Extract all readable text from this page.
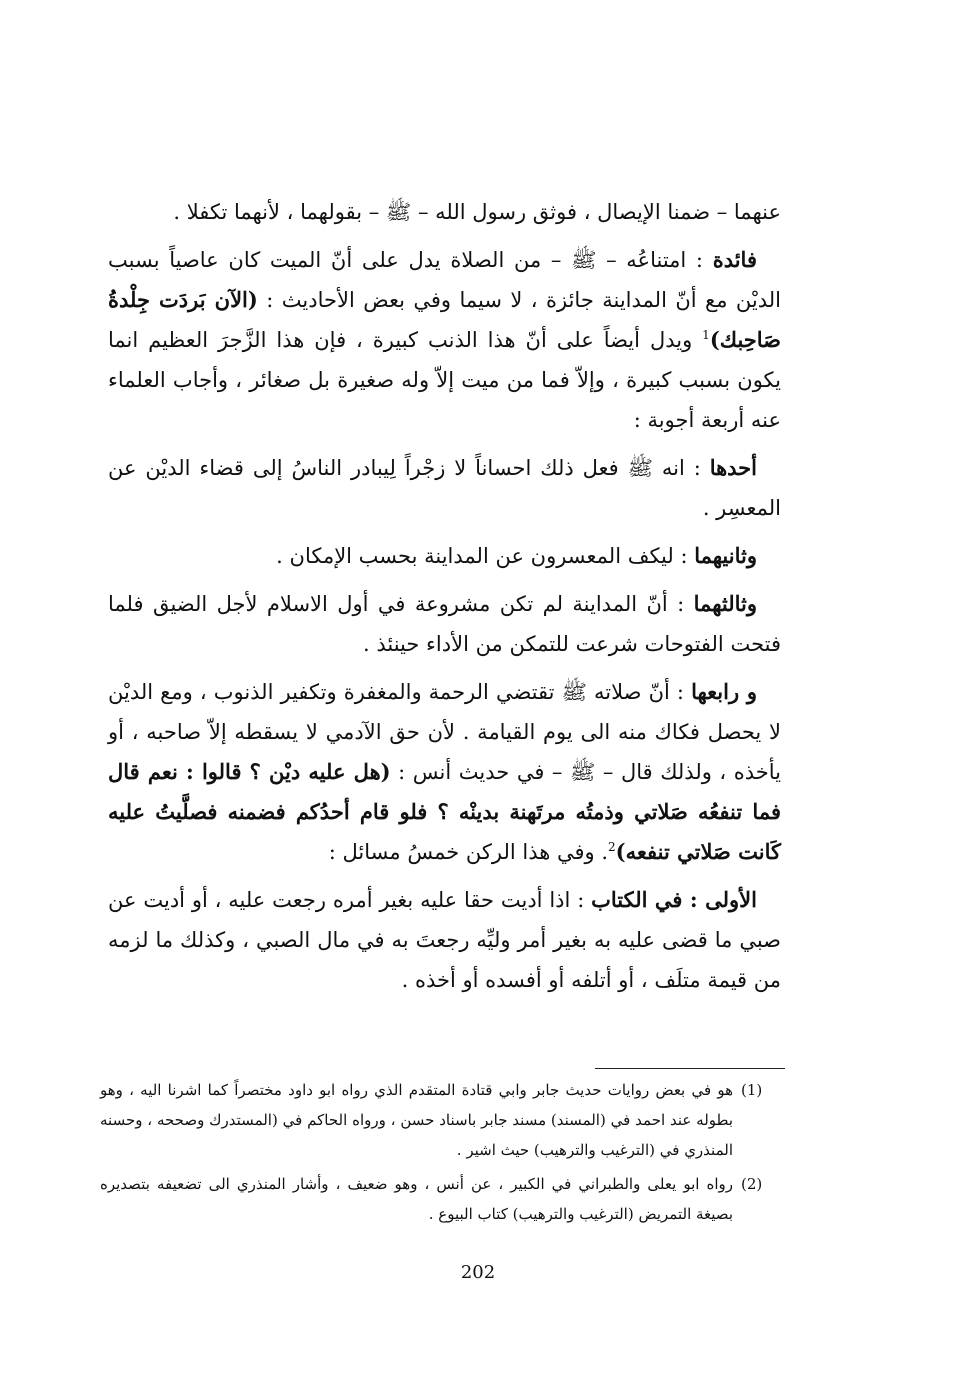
عنهما – ضمنا الإيصال ، فوثق رسول الله – ﷺ – بقولهما ، لأنهما تكفلا .

فائدة : امتناعُه – ﷺ – من الصلاة يدل على أنّ الميت كان عاصياً بسبب الديْن مع أنّ المداينة جائزة ، لا سيما وفي بعض الأحاديث : (الآن بَردَت جِلْدةُ صَاحِبك)$^1$ ويدل أيضاً على أنّ هذا الذنب كبيرة ، فإن هذا الزَّجرَ العظيم انما يكون بسبب كبيرة ، وإلاّ فما من ميت إلاّ وله صغيرة بل صغائر ، وأجاب العلماء عنه أربعة أجوبة :

أحدها : انه ﷺ فعل ذلك احساناً لا زجْراً لِيبادر الناسُ إلى قضاء الديْن عن المعسِر .

وثانيهما : ليكف المعسرون عن المداينة بحسب الإمكان .

وثالثهما : أنّ المداينة لم تكن مشروعة في أول الاسلام لأجل الضيق فلما فتحت الفتوحات شرعت للتمكن من الأداء حينئذ .

و رابعها : أنّ صلاته ﷺ تقتضي الرحمة والمغفرة وتكفير الذنوب ، ومع الديْن لا يحصل فكاك منه الى يوم القيامة . لأن حق الآدمي لا يسقطه إلاّ صاحبه ، أو يأخذه ، ولذلك قال – ﷺ – في حديث أنس : (هل عليه ديْن ؟ قالوا : نعم قال فما تنفعُه صَلاتي وذمتُه مرتَهنة بدينْه ؟ فلو قام أحدُكم فضمنه فصلَّيتُ عليه كَانت صَلاتي تنفعه)$^2$. وفي هذا الركن خمسُ مسائل :

الأولى : في الكتاب : اذا أديت حقا عليه بغير أمره رجعت عليه ، أو أديت عن صبي ما قضى عليه به بغير أمر وليِّه رجعتَ به في مال الصبي ، وكذلك ما لزمه من قيمة متلَف ، أو أتلفه أو أفسده أو أخذه .

(1)
هو في بعض روايات حديث جابر وابي قتادة المتقدم الذي رواه ابو داود مختصراً كما اشرنا اليه ، وهو بطوله عند احمد في (المسند) مسند جابر باسناد حسن ، ورواه الحاكم في (المستدرك وصححه ، وحسنه المنذري في (الترغيب والترهيب) حيث اشير .
(2)
رواه ابو يعلى والطبراني في الكبير ، عن أنس ، وهو ضعيف ، وأشار المنذري الى تضعيفه بتصديره بصيغة التمريض (الترغيب والترهيب) كتاب البيوع .
202
